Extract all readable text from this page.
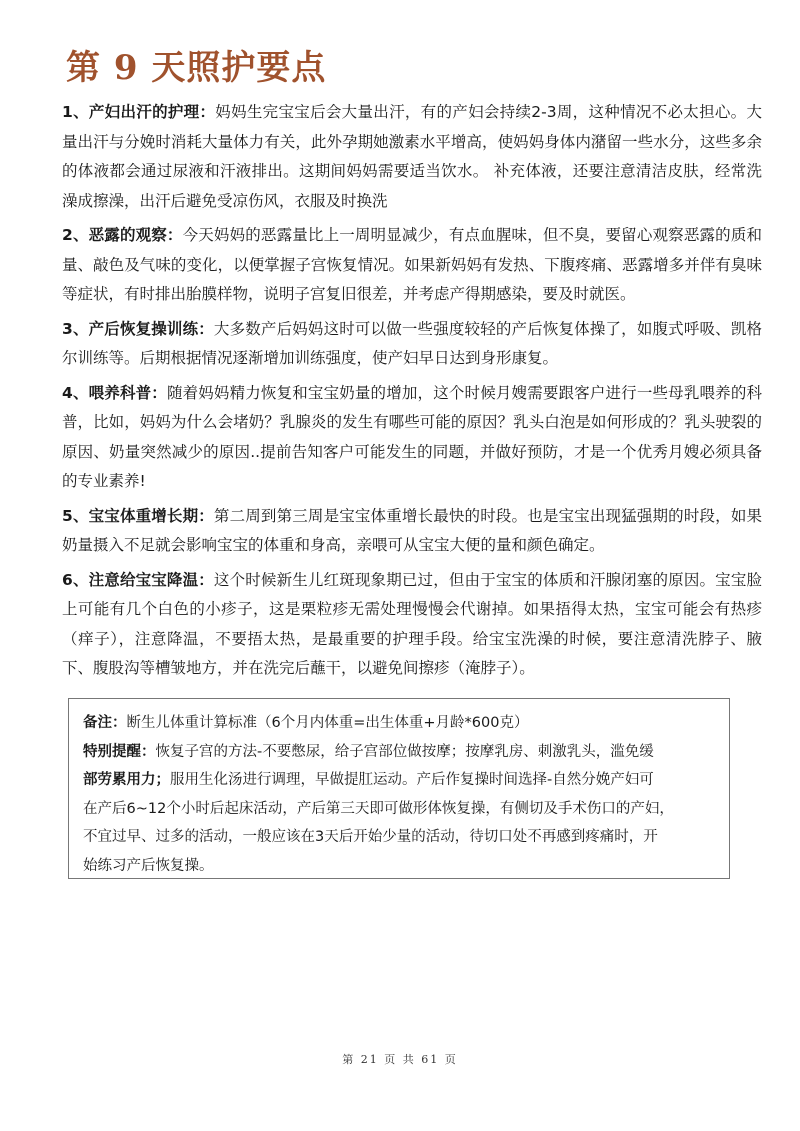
第 9 天照护要点

1、产妇出汗的护理：妈妈生完宝宝后会大量出汗，有的产妇会持续2-3周，这种情况不必太担心。大量出汗与分娩时消耗大量体力有关，此外孕期她激素水平增高，使妈妈身体内潴留一些水分，这些多余的体液都会通过尿液和汗液排出。这期间妈妈需要适当饮水。 补充体液，还要注意清洁皮肤，经常洗澡成擦澡，出汗后避免受凉伤风，衣服及时换洗

2、恶露的观察：今天妈妈的恶露量比上一周明显减少，有点血腥味，但不臭，要留心观察恶露的质和量、敲色及气味的变化，以便掌握子宫恢复情况。如果新妈妈有发热、下腹疼痛、恶露增多并伴有臭味等症状，有时排出胎膜样物，说明子宫复旧很差，并考虑产得期感染，要及时就医。

3、产后恢复操训练：大多数产后妈妈这时可以做一些强度较轻的产后恢复体操了，如腹式呼吸、凯格尔训练等。后期根据情况逐渐增加训练强度，使产妇早日达到身形康复。

4、喂养科普：随着妈妈精力恢复和宝宝奶量的增加，这个时候月嫂需要跟客户进行一些母乳喂养的科普，比如，妈妈为什么会堵奶？乳腺炎的发生有哪些可能的原因？乳头白泡是如何形成的？乳头驶裂的原因、奶量突然减少的原因..提前告知客户可能发生的同题，并做好预防，才是一个优秀月嫂必须具备的专业素养!

5、宝宝体重增长期：第二周到第三周是宝宝体重增长最快的时段。也是宝宝出现猛强期的时段，如果奶量摄入不足就会影响宝宝的体重和身高，亲喂可从宝宝大便的量和颜色确定。

6、注意给宝宝降温：这个时候新生儿红斑现象期已过，但由于宝宝的体质和汗腺闭塞的原因。宝宝脸上可能有几个白色的小疹子，这是栗粒疹无需处理慢慢会代谢掉。如果捂得太热，宝宝可能会有热疹（痒子），注意降温，不要捂太热，是最重要的护理手段。给宝宝洗澡的时候，要注意清洗脖子、腋下、腹股沟等槽皱地方，并在洗完后蘸干，以避免间擦疹（淹脖子）。

备注：断生儿体重计算标准（6个月内体重=出生体重+月龄*600克）

特别提醒：恢复子宫的方法-不要憋尿，给子宫部位做按摩；按摩乳房、刺激乳头，滥免缓

部劳累用力；服用生化汤进行调理，早做提肛运动。产后作复操时间选择-自然分娩产妇可

在产后6~12个小时后起床活动，产后第三天即可做形体恢复操，有侧切及手术伤口的产妇，

不宜过早、过多的活动，一般应该在3天后开始少量的活动，待切口处不再感到疼痛时，开

始练习产后恢复操。

第 21 页 共 61 页
